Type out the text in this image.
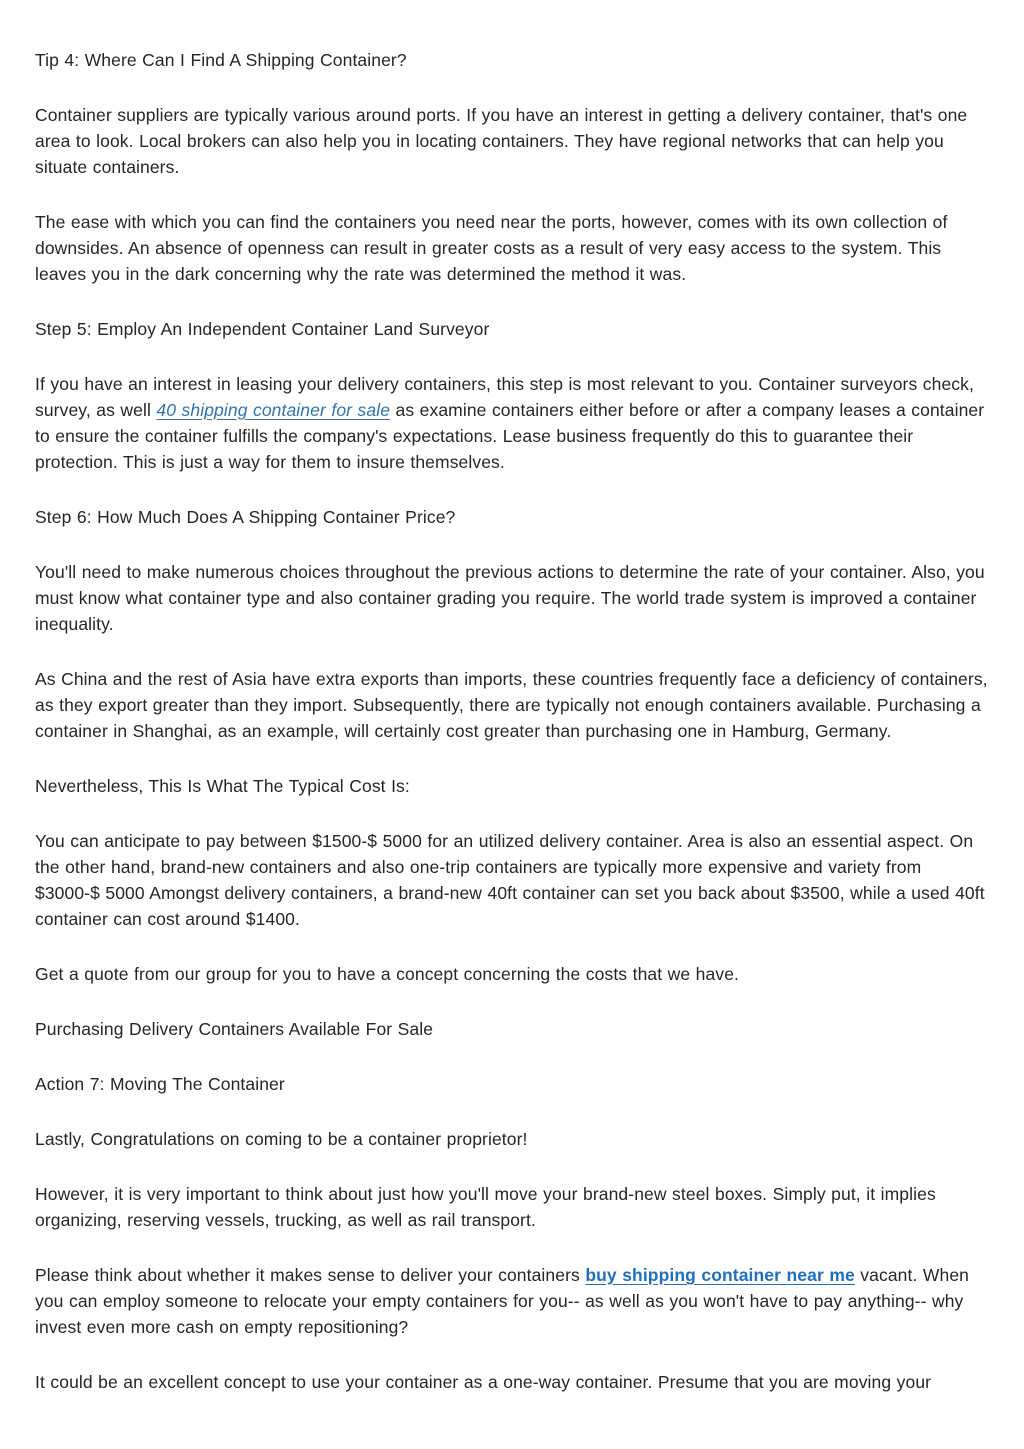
Tip 4: Where Can I Find A Shipping Container?

Container suppliers are typically various around ports. If you have an interest in getting a delivery container, that's one area to look. Local brokers can also help you in locating containers. They have regional networks that can help you situate containers.

The ease with which you can find the containers you need near the ports, however, comes with its own collection of downsides. An absence of openness can result in greater costs as a result of very easy access to the system. This leaves you in the dark concerning why the rate was determined the method it was.

Step 5: Employ An Independent Container Land Surveyor

If you have an interest in leasing your delivery containers, this step is most relevant to you. Container surveyors check, survey, as well 40 shipping container for sale as examine containers either before or after a company leases a container to ensure the container fulfills the company's expectations. Lease business frequently do this to guarantee their protection. This is just a way for them to insure themselves.

Step 6: How Much Does A Shipping Container Price?

You'll need to make numerous choices throughout the previous actions to determine the rate of your container. Also, you must know what container type and also container grading you require. The world trade system is improved a container inequality.

As China and the rest of Asia have extra exports than imports, these countries frequently face a deficiency of containers, as they export greater than they import. Subsequently, there are typically not enough containers available. Purchasing a container in Shanghai, as an example, will certainly cost greater than purchasing one in Hamburg, Germany.

Nevertheless, This Is What The Typical Cost Is:

You can anticipate to pay between $1500-$ 5000 for an utilized delivery container. Area is also an essential aspect. On the other hand, brand-new containers and also one-trip containers are typically more expensive and variety from $3000-$ 5000 Amongst delivery containers, a brand-new 40ft container can set you back about $3500, while a used 40ft container can cost around $1400.

Get a quote from our group for you to have a concept concerning the costs that we have.

Purchasing Delivery Containers Available For Sale

Action 7: Moving The Container

Lastly, Congratulations on coming to be a container proprietor!

However, it is very important to think about just how you'll move your brand-new steel boxes. Simply put, it implies organizing, reserving vessels, trucking, as well as rail transport.

Please think about whether it makes sense to deliver your containers buy shipping container near me vacant. When you can employ someone to relocate your empty containers for you-- as well as you won't have to pay anything-- why invest even more cash on empty repositioning?

It could be an excellent concept to use your container as a one-way container. Presume that you are moving your
